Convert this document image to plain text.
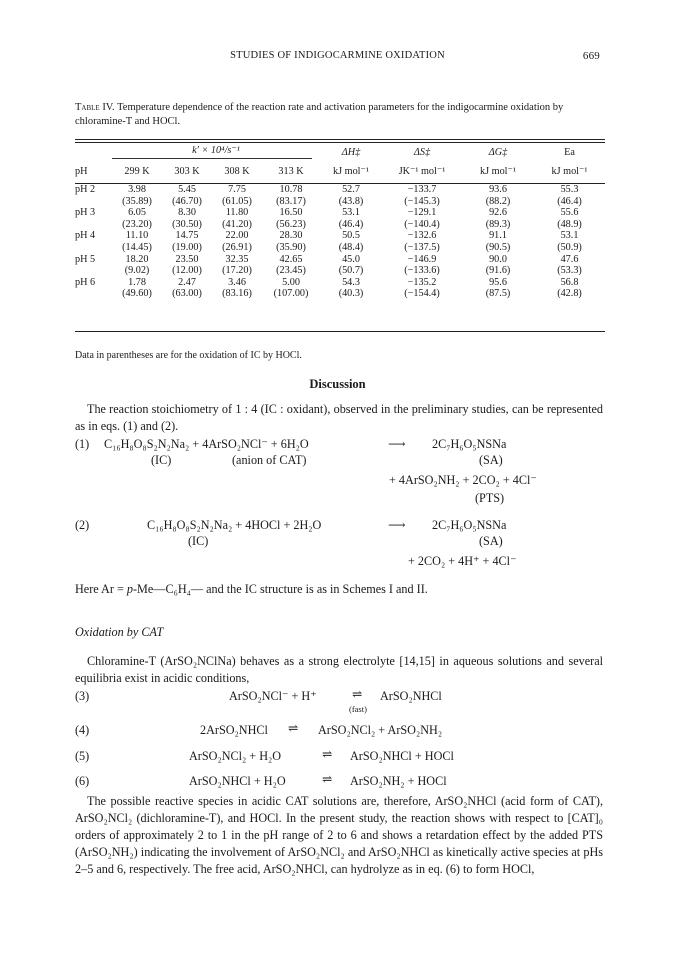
STUDIES OF INDIGOCARMINE OXIDATION	669
Table IV. Temperature dependence of the reaction rate and activation parameters for the indigocarmine oxidation by chloramine-T and HOCl.
	k′ × 10⁴/s⁻¹				ΔH‡	ΔS‡	ΔG‡	Ea
pH	299 K	303 K	308 K	313 K	kJ mol⁻¹	JK⁻¹ mol⁻¹	kJ mol⁻¹	kJ mol⁻¹
pH 2	3.98	5.45	7.75	10.78	52.7	−133.7	93.6	55.3
	(35.89)	(46.70)	(61.05)	(83.17)	(43.8)	(−145.3)	(88.2)	(46.4)
pH 3	6.05	8.30	11.80	16.50	53.1	−129.1	92.6	55.6
	(23.20)	(30.50)	(41.20)	(56.23)	(46.4)	(−140.4)	(89.3)	(48.9)
pH 4	11.10	14.75	22.00	28.30	50.5	−132.6	91.1	53.1
	(14.45)	(19.00)	(26.91)	(35.90)	(48.4)	(−137.5)	(90.5)	(50.9)
pH 5	18.20	23.50	32.35	42.65	45.0	−146.9	90.0	47.6
	(9.02)	(12.00)	(17.20)	(23.45)	(50.7)	(−133.6)	(91.6)	(53.3)
pH 6	1.78	2.47	3.46	5.00	54.3	−135.2	95.6	56.8
	(49.60)	(63.00)	(83.16)	(107.00)	(40.3)	(−154.4)	(87.5)	(42.8)
Data in parentheses are for the oxidation of IC by HOCl.
Discussion
The reaction stoichiometry of 1 : 4 (IC : oxidant), observed in the preliminary studies, can be represented as in eqs. (1) and (2).
(1) C₁₆H₈O₈S₂N₂Na₂ + 4ArSO₂NCl⁻ + 6H₂O	⟶ 2C₇H₆O₅NSNa
(IC)	(anion of CAT)	(SA)
+ 4ArSO₂NH₂ + 2CO₂ + 4Cl⁻
(PTS)
(2)	C₁₆H₈O₈S₂N₂Na₂ + 4HOCl + 2H₂O	⟶ 2C₇H₆O₅NSNa
(IC)	(SA)
+ 2CO₂ + 4H⁺ + 4Cl⁻
Here Ar = p-Me—C₆H₄— and the IC structure is as in Schemes I and II.
Oxidation by CAT
Chloramine-T (ArSO₂NClNa) behaves as a strong electrolyte [14,15] in aqueous solutions and several equilibria exist in acidic conditions,
(3)	ArSO₂NCl⁻ + H⁺	⇌ ArSO₂NHCl
(fast)
(4)	2ArSO₂NHCl ⇌ ArSO₂NCl₂ + ArSO₂NH₂
(5)	ArSO₂NCl₂ + H₂O	⇌ ArSO₂NHCl + HOCl
(6)	ArSO₂NHCl + H₂O	⇌ ArSO₂NH₂ + HOCl
The possible reactive species in acidic CAT solutions are, therefore, ArSO₂NHCl (acid form of CAT), ArSO₂NCl₂ (dichloramine-T), and HOCl. In the present study, the reaction shows with respect to [CAT]₀ orders of approximately 2 to 1 in the pH range of 2 to 6 and shows a retardation effect by the added PTS (ArSO₂NH₂) indicating the involvement of ArSO₂NCl₂ and ArSO₂NHCl as kinetically active species at pHs 2–5 and 6, respectively. The free acid, ArSO₂NHCl, can hydrolyze as in eq. (6) to form HOCl,
